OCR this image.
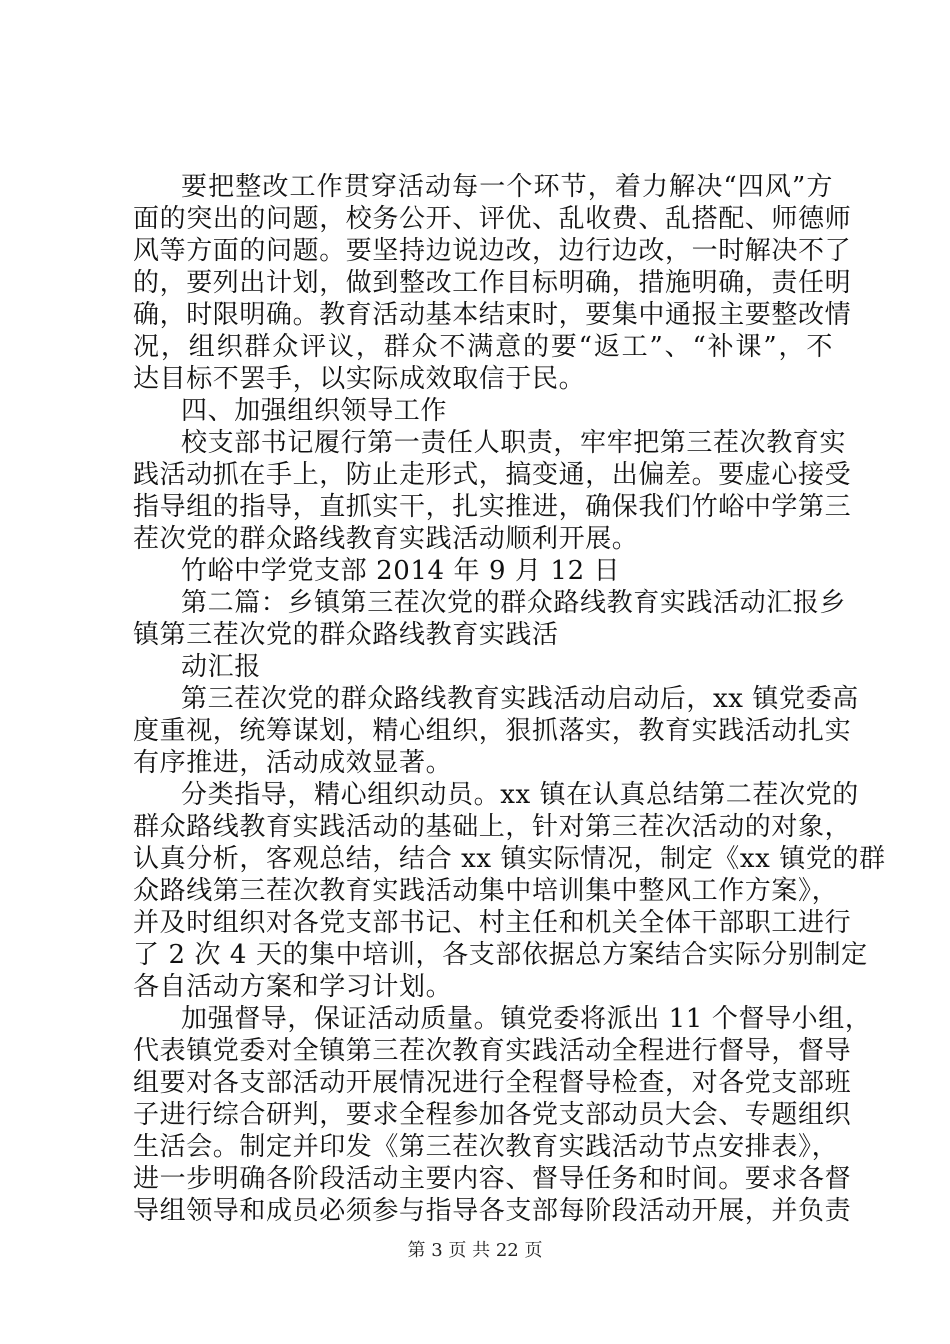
要把整改工作贯穿活动每一个环节，着力解决“四风”方
面的突出的问题，校务公开、评优、乱收费、乱搭配、师德师
风等方面的问题。要坚持边说边改，边行边改，一时解决不了
的，要列出计划，做到整改工作目标明确，措施明确，责任明
确，时限明确。教育活动基本结束时，要集中通报主要整改情
况，组织群众评议，群众不满意的要“返工”、“补课”，不
达目标不罢手，以实际成效取信于民。
四、加强组织领导工作
校支部书记履行第一责任人职责，牢牢把第三茬次教育实
践活动抓在手上，防止走形式，搞变通，出偏差。要虚心接受
指导组的指导，直抓实干，扎实推进，确保我们竹峪中学第三
茬次党的群众路线教育实践活动顺利开展。
竹峪中学党支部 2014 年 9 月 12 日
第二篇：乡镇第三茬次党的群众路线教育实践活动汇报乡
镇第三茬次党的群众路线教育实践活
动汇报
第三茬次党的群众路线教育实践活动启动后，xx 镇党委高
度重视，统筹谋划，精心组织，狠抓落实，教育实践活动扎实
有序推进，活动成效显著。
分类指导，精心组织动员。xx 镇在认真总结第二茬次党的
群众路线教育实践活动的基础上，针对第三茬次活动的对象，
认真分析，客观总结，结合 xx 镇实际情况，制定《xx 镇党的群
众路线第三茬次教育实践活动集中培训集中整风工作方案》，
并及时组织对各党支部书记、村主任和机关全体干部职工进行
了 2 次 4 天的集中培训，各支部依据总方案结合实际分别制定
各自活动方案和学习计划。
加强督导，保证活动质量。镇党委将派出 11 个督导小组，
代表镇党委对全镇第三茬次教育实践活动全程进行督导，督导
组要对各支部活动开展情况进行全程督导检查，对各党支部班
子进行综合研判，要求全程参加各党支部动员大会、专题组织
生活会。制定并印发《第三茬次教育实践活动节点安排表》，
进一步明确各阶段活动主要内容、督导任务和时间。要求各督
导组领导和成员必须参与指导各支部每阶段活动开展，并负责
第 3 页 共 22 页
